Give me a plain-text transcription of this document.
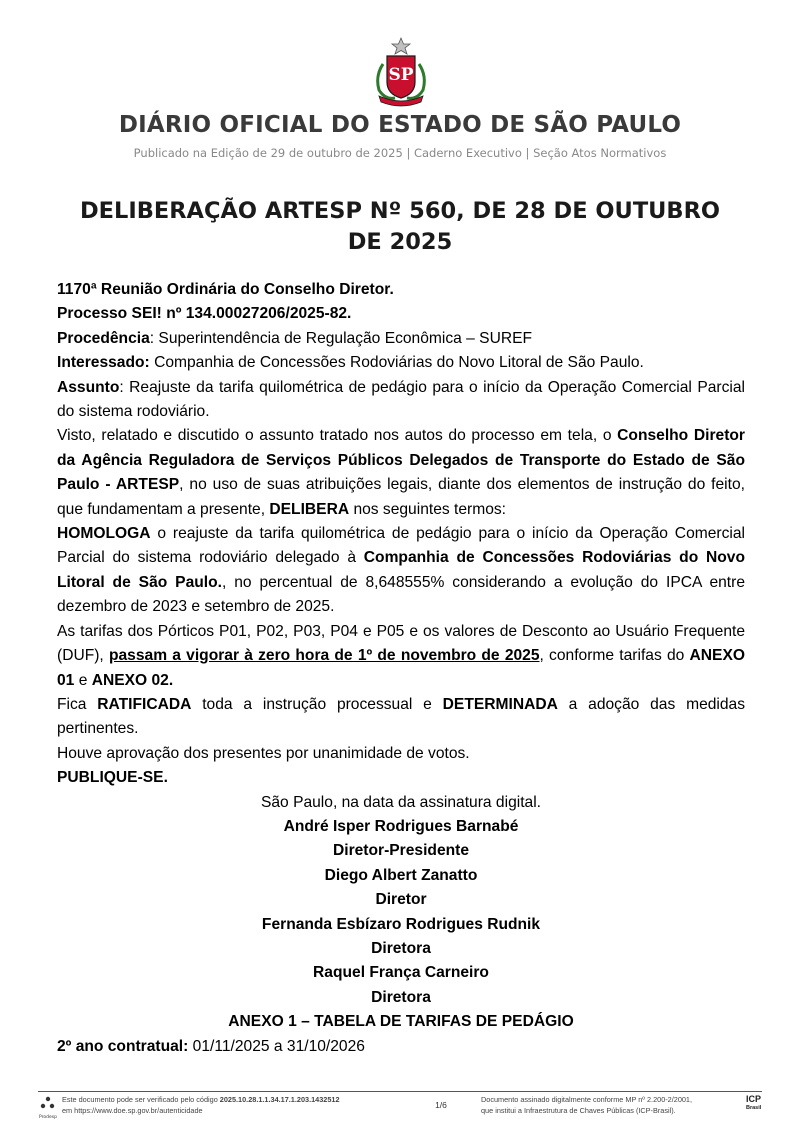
SP
DIÁRIO OFICIAL DO ESTADO DE SÃO PAULO
Publicado na Edição de 29 de outubro de 2025 | Caderno Executivo | Seção Atos Normativos
DELIBERAÇÃO ARTESP Nº 560, DE 28 DE OUTUBRO DE 2025

1170ª Reunião Ordinária do Conselho Diretor.

Processo SEI! nº 134.00027206/2025-82.

Procedência: Superintendência de Regulação Econômica – SUREF

Interessado: Companhia de Concessões Rodoviárias do Novo Litoral de São Paulo.

Assunto: Reajuste da tarifa quilométrica de pedágio para o início da Operação Comercial Parcial do sistema rodoviário.

Visto, relatado e discutido o assunto tratado nos autos do processo em tela, o Conselho Diretor da Agência Reguladora de Serviços Públicos Delegados de Transporte do Estado de São Paulo - ARTESP, no uso de suas atribuições legais, diante dos elementos de instrução do feito, que fundamentam a presente, DELIBERA nos seguintes termos:

HOMOLOGA o reajuste da tarifa quilométrica de pedágio para o início da Operação Comercial Parcial do sistema rodoviário delegado à Companhia de Concessões Rodoviárias do Novo Litoral de São Paulo., no percentual de 8,648555% considerando a evolução do IPCA entre dezembro de 2023 e setembro de 2025.

As tarifas dos Pórticos P01, P02, P03, P04 e P05 e os valores de Desconto ao Usuário Frequente (DUF), passam a vigorar à zero hora de 1º de novembro de 2025, conforme tarifas do ANEXO 01 e ANEXO 02.

Fica RATIFICADA toda a instrução processual e DETERMINADA a adoção das medidas pertinentes.

Houve aprovação dos presentes por unanimidade de votos.

PUBLIQUE-SE.

São Paulo, na data da assinatura digital.

André Isper Rodrigues Barnabé

Diretor-Presidente

Diego Albert Zanatto

Diretor

Fernanda Esbízaro Rodrigues Rudnik

Diretora

Raquel França Carneiro

Diretora

ANEXO 1 – TABELA DE TARIFAS DE PEDÁGIO

2º ano contratual: 01/11/2025 a 31/10/2026

Prodesp
Este documento pode ser verificado pelo código 2025.10.28.1.1.34.17.1.203.1432512
em https://www.doe.sp.gov.br/autenticidade
1/6
Documento assinado digitalmente conforme MP nº 2.200-2/2001,
que institui a Infraestrutura de Chaves Públicas (ICP-Brasil).
ICP
Brasil
